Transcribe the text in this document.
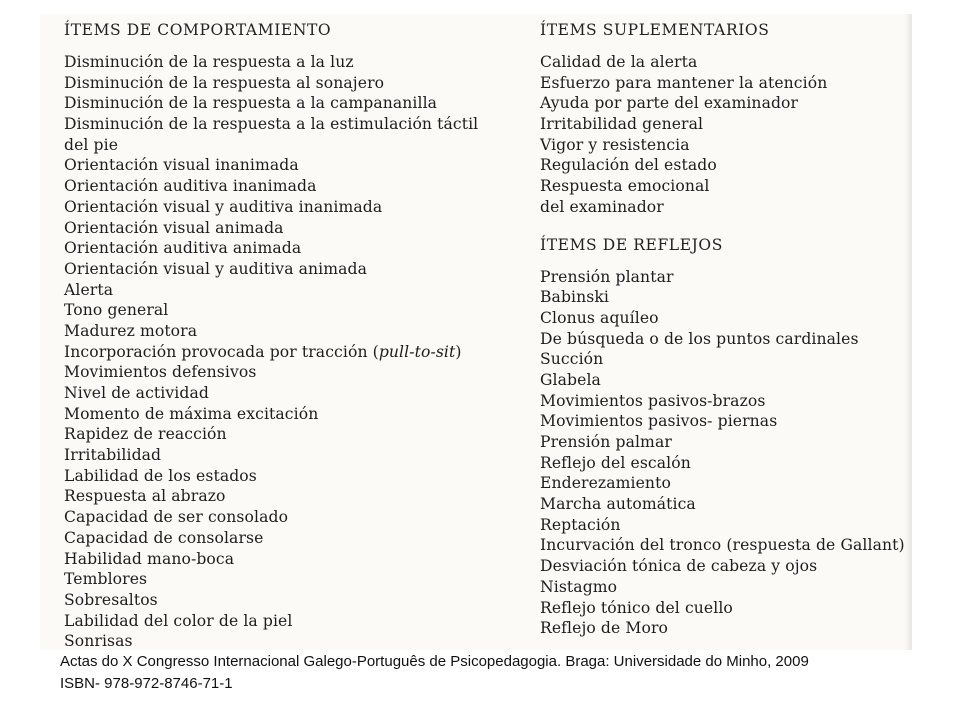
ÍTEMS DE COMPORTAMIENTO
Disminución de la respuesta a la luz
Disminución de la respuesta al sonajero
Disminución de la respuesta a la campananilla
Disminución de la respuesta a la estimulación táctil
del pie
Orientación visual inanimada
Orientación auditiva inanimada
Orientación visual y auditiva inanimada
Orientación visual animada
Orientación auditiva animada
Orientación visual y auditiva animada
Alerta
Tono general
Madurez motora
Incorporación provocada por tracción (pull-to-sit)
Movimientos defensivos
Nivel de actividad
Momento de máxima excitación
Rapidez de reacción
Irritabilidad
Labilidad de los estados
Respuesta al abrazo
Capacidad de ser consolado
Capacidad de consolarse
Habilidad mano-boca
Temblores
Sobresaltos
Labilidad del color de la piel
Sonrisas
ÍTEMS SUPLEMENTARIOS
Calidad de la alerta
Esfuerzo para mantener la atención
Ayuda por parte del examinador
Irritabilidad general
Vigor y resistencia
Regulación del estado
Respuesta emocional
del examinador
ÍTEMS DE REFLEJOS
Prensión plantar
Babinski
Clonus aquíleo
De búsqueda o de los puntos cardinales
Succión
Glabela
Movimientos pasivos-brazos
Movimientos pasivos- piernas
Prensión palmar
Reflejo del escalón
Enderezamiento
Marcha automática
Reptación
Incurvación del tronco (respuesta de Gallant)
Desviación tónica de cabeza y ojos
Nistagmo
Reflejo tónico del cuello
Reflejo de Moro
Actas do X Congresso Internacional Galego-Português de Psicopedagogia. Braga: Universidade do Minho, 2009
ISBN- 978-972-8746-71-1
